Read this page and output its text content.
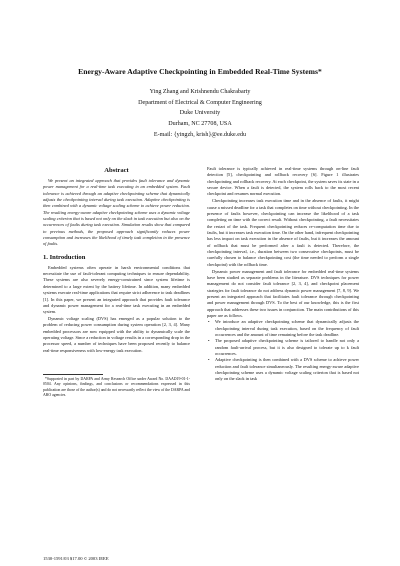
Energy-Aware Adaptive Checkpointing in Embedded Real-Time Systems*
Ying Zhang and Krishnendu Chakrabarty
Department of Electrical & Computer Engineering
Duke University
Durham, NC 27708, USA
E-mail: {yingzh, krish}@ee.duke.edu
Abstract

We present an integrated approach that provides fault tolerance and dynamic power management for a real-time task executing in an embedded system. Fault tolerance is achieved through an adaptive checkpointing scheme that dynamically adjusts the checkpointing interval during task execution. Adaptive checkpointing is then combined with a dynamic voltage scaling scheme to achieve power reduction. The resulting energy-aware adaptive checkpointing scheme uses a dynamic voltage scaling criterion that is based not only on the slack in task execution but also on the occurrences of faults during task execution. Simulation results show that compared to previous methods, the proposed approach significantly reduces power consumption and increases the likelihood of timely task completion in the presence of faults.

1. Introduction

Embedded systems often operate in harsh environmental conditions that necessitate the use of fault-tolerant computing techniques to ensure dependability. These systems are also severely energy-constrained since system lifetime is determined to a large extent by the battery lifetime. In addition, many embedded systems execute real-time applications that require strict adherence to task deadlines [1]. In this paper, we present an integrated approach that provides fault tolerance and dynamic power management for a real-time task executing in an embedded system.

Dynamic voltage scaling (DVS) has emerged as a popular solution to the problem of reducing power consumption during system operation [2, 3, 4]. Many embedded processors are now equipped with the ability to dynamically scale the operating voltage. Since a reduction in voltage results in a corresponding drop in the processor speed, a number of techniques have been proposed recently to balance real-time responsiveness with low-energy task execution.

*Supported in part by DARPA and Army Research Office under Award No. DAAD19-01-1-0504. Any opinions, findings, and conclusions or recommendations expressed in this publication are those of the author(s) and do not necessarily reflect the view of the DARPA and ARO agencies.

Fault tolerance is typically achieved in real-time systems through on-line fault detection [5], checkpointing and rollback recovery [6]. Figure 1 illustrates checkpointing and rollback recovery. At each checkpoint, the system saves its state in a secure device. When a fault is detected, the system rolls back to the most recent checkpoint and resumes normal execution.

Checkpointing increases task execution time and in the absence of faults, it might cause a missed deadline for a task that completes on time without checkpointing. In the presence of faults however, checkpointing can increase the likelihood of a task completing on time with the correct result. Without checkpointing, a fault necessitates the restart of the task. Frequent checkpointing reduces re-computation time due to faults, but it increases task execution time. On the other hand, infrequent checkpointing has less impact on task execution in the absence of faults, but it increases the amount of rollback that must be performed after a fault is detected. Therefore, the checkpointing interval, i.e., duration between two consecutive checkpoints, must be carefully chosen to balance checkpointing cost (the time needed to perform a single checkpoint) with the rollback time.

Dynamic power management and fault tolerance for embedded real-time systems have been studied as separate problems in the literature. DVS techniques for power management do not consider fault tolerance [2, 3, 4], and checkpoint placement strategies for fault tolerance do not address dynamic power management [7, 8, 9]. We present an integrated approach that facilitates fault tolerance through checkpointing and power management through DVS. To the best of our knowledge, this is the first approach that addresses these two issues in conjunction. The main contributions of this paper are as follows.

• We introduce an adaptive checkpointing scheme that dynamically adjusts the checkpointing interval during task execution, based on the frequency of fault occurrences and the amount of time remaining before the task deadline.
• The proposed adaptive checkpointing scheme is tailored to handle not only a random fault-arrival process, but it is also designed to tolerate up to k fault occurrences.
• Adaptive checkpointing is then combined with a DVS scheme to achieve power reduction and fault tolerance simultaneously. The resulting energy-aware adaptive checkpointing scheme uses a dynamic voltage scaling criterion that is based not only on the slack in task
1530-1591/03 $17.00 © 2003 IEEE
